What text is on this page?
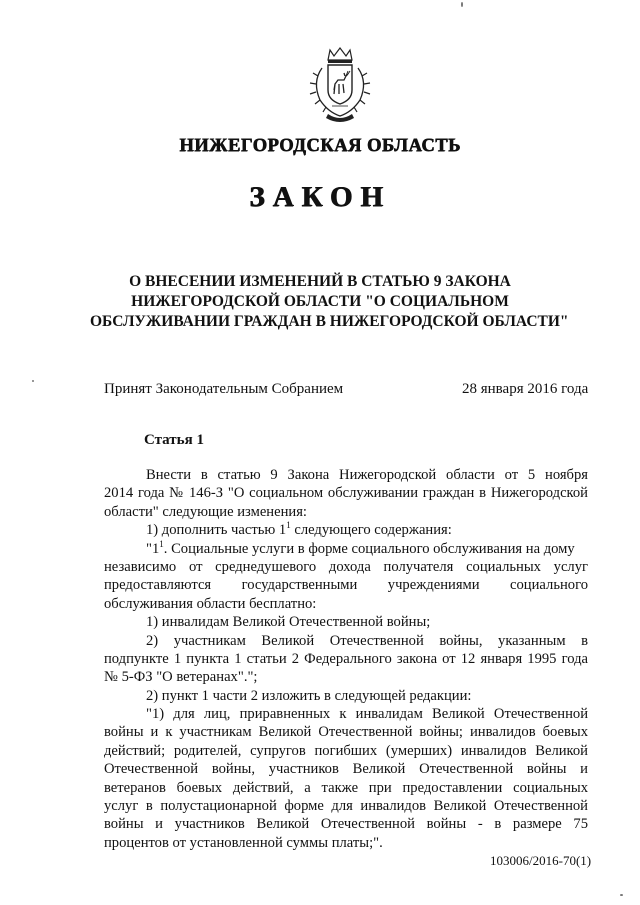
НИЖЕГОРОДСКАЯ ОБЛАСТЬ
ЗАКОН
О ВНЕСЕНИИ ИЗМЕНЕНИЙ В СТАТЬЮ 9 ЗАКОНА
НИЖЕГОРОДСКОЙ ОБЛАСТИ "О СОЦИАЛЬНОМ
ОБСЛУЖИВАНИИ ГРАЖДАН В НИЖЕГОРОДСКОЙ ОБЛАСТИ"
Принят Законодательным Собранием	28 января 2016 года
Статья 1
Внести в статью 9 Закона Нижегородской области от 5 ноября
2014 года № 146-З "О социальном обслуживании граждан в Нижегородской
области" следующие изменения:
1) дополнить частью $1^1$ следующего содержания:
"$1^1$. Социальные услуги в форме социального обслуживания на дому
независимо от среднедушевого дохода получателя социальных услуг
предоставляются государственными учреждениями социального
обслуживания области бесплатно:
1) инвалидам Великой Отечественной войны;
2) участникам Великой Отечественной войны, указанным в
подпункте 1 пункта 1 статьи 2 Федерального закона от 12 января 1995 года
№ 5-ФЗ "О ветеранах".";
2) пункт 1 части 2 изложить в следующей редакции:
"1) для лиц, приравненных к инвалидам Великой Отечественной
войны и к участникам Великой Отечественной войны; инвалидов боевых
действий; родителей, супругов погибших (умерших) инвалидов Великой
Отечественной войны, участников Великой Отечественной войны и
ветеранов боевых действий, а также при предоставлении социальных
услуг в полустационарной форме для инвалидов Великой Отечественной
войны и участников Великой Отечественной войны - в размере 75
процентов от установленной суммы платы;".
103006/2016-70(1)
